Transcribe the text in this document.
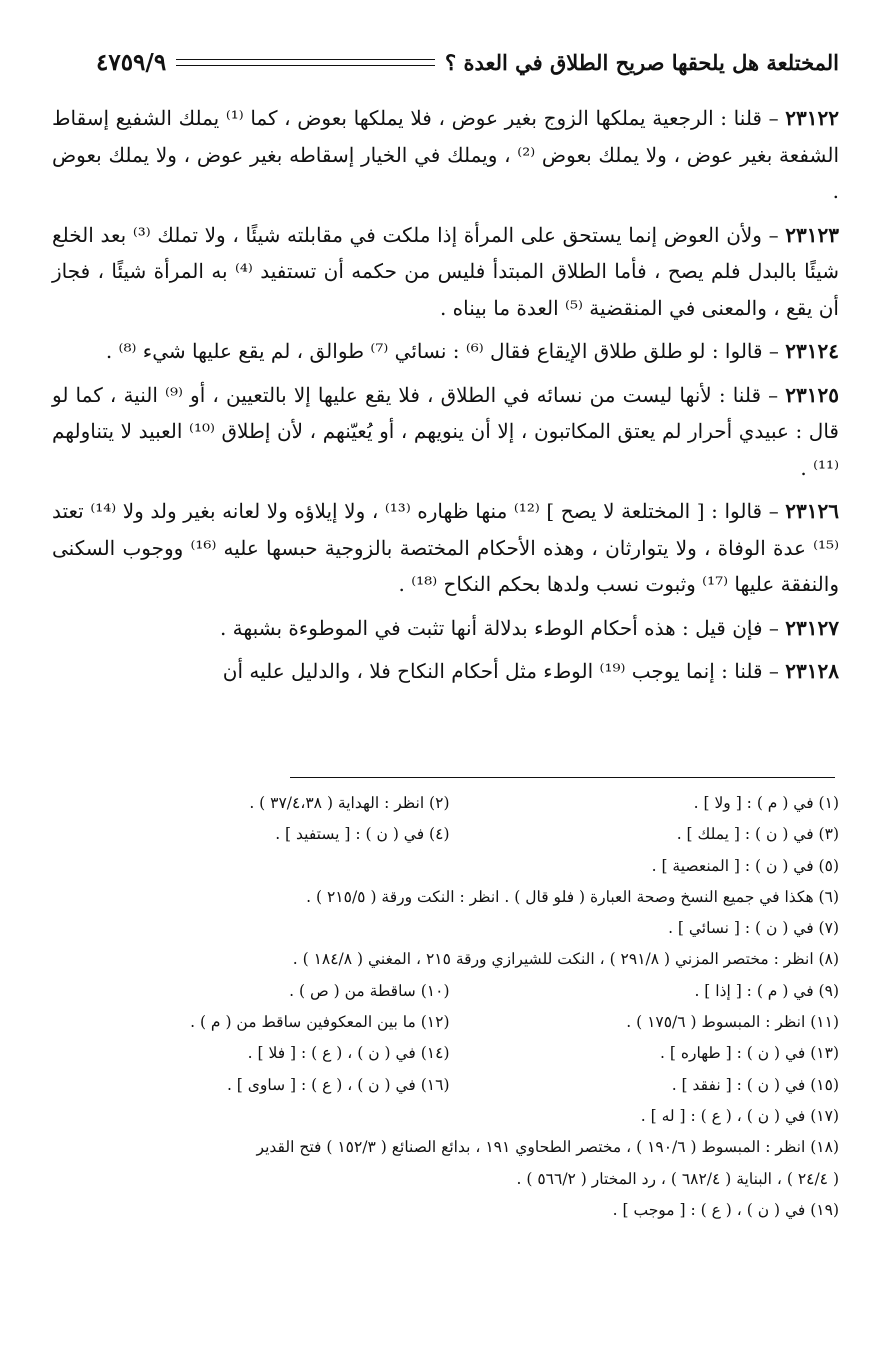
المختلعة هل يلحقها صريح الطلاق في العدة ؟
٤٧٥٩/٩

٢٣١٢٢ – قلنا : الرجعية يملكها الزوج بغير عوض ، فلا يملكها بعوض ، كما ⁽¹⁾ يملك الشفيع إسقاط الشفعة بغير عوض ، ولا يملك بعوض ⁽²⁾ ، ويملك في الخيار إسقاطه بغير عوض ، ولا يملك بعوض .

٢٣١٢٣ – ولأن العوض إنما يستحق على المرأة إذا ملكت في مقابلته شيئًا ، ولا تملك ⁽³⁾ بعد الخلع شيئًا بالبدل فلم يصح ، فأما الطلاق المبتدأ فليس من حكمه أن تستفيد ⁽⁴⁾ به المرأة شيئًا ، فجاز أن يقع ، والمعنى في المنقضية ⁽⁵⁾ العدة ما بيناه .

٢٣١٢٤ – قالوا : لو طلق طلاق الإيقاع فقال ⁽⁶⁾ : نسائي ⁽⁷⁾ طوالق ، لم يقع عليها شيء ⁽⁸⁾ .

٢٣١٢٥ – قلنا : لأنها ليست من نسائه في الطلاق ، فلا يقع عليها إلا بالتعيين ، أو ⁽⁹⁾ النية ، كما لو قال : عبيدي أحرار لم يعتق المكاتبون ، إلا أن ينويهم ، أو يُعيّنهم ، لأن إطلاق ⁽¹⁰⁾ العبيد لا يتناولهم ⁽¹¹⁾ .

٢٣١٢٦ – قالوا : [ المختلعة لا يصح ] ⁽¹²⁾ منها ظهاره ⁽¹³⁾ ، ولا إيلاؤه ولا لعانه بغير ولد ولا ⁽¹⁴⁾ تعتد ⁽¹⁵⁾ عدة الوفاة ، ولا يتوارثان ، وهذه الأحكام المختصة بالزوجية حبسها عليه ⁽¹⁶⁾ ووجوب السكنى والنفقة عليها ⁽¹⁷⁾ وثبوت نسب ولدها بحكم النكاح ⁽¹⁸⁾ .

٢٣١٢٧ – فإن قيل : هذه أحكام الوطء بدلالة أنها تثبت في الموطوءة بشبهة .

٢٣١٢٨ – قلنا : إنما يوجب ⁽¹⁹⁾ الوطء مثل أحكام النكاح فلا ، والدليل عليه أن

(١) في ( م ) : [ ولا ] .
(٢) انظر : الهداية ( ٣٧/٤،٣٨ ) .
(٣) في ( ن ) : [ يملك ] .
(٤) في ( ن ) : [ يستفيد ] .
(٥) في ( ن ) : [ المنعصية ] .
(٦) هكذا في جميع النسخ وصحة العبارة ( فلو قال ) . انظر : النكت ورقة ( ٢١٥/٥ ) .
(٧) في ( ن ) : [ نسائي ] .
(٨) انظر : مختصر المزني ( ٢٩١/٨ ) ، النكت للشيرازي ورقة ٢١٥ ، المغني ( ١٨٤/٨ ) .
(٩) في ( م ) : [ إذا ] .
(١٠) ساقطة من ( ص ) .
(١١) انظر : المبسوط ( ١٧٥/٦ ) .
(١٢) ما بين المعكوفين ساقط من ( م ) .
(١٣) في ( ن ) : [ طهاره ] .
(١٤) في ( ن ) ، ( ع ) : [ فلا ] .
(١٥) في ( ن ) : [ نفقد ] .
(١٦) في ( ن ) ، ( ع ) : [ ساوى ] .
(١٧) في ( ن ) ، ( ع ) : [ له ] .
(١٨) انظر : المبسوط ( ١٩٠/٦ ) ، مختصر الطحاوي ١٩١ ، بدائع الصنائع ( ١٥٢/٣ ) فتح القدير
( ٢٤/٤ ) ، البناية ( ٦٨٢/٤ ) ، رد المختار ( ٥٦٦/٢ ) .
(١٩) في ( ن ) ، ( ع ) : [ موجب ] .
